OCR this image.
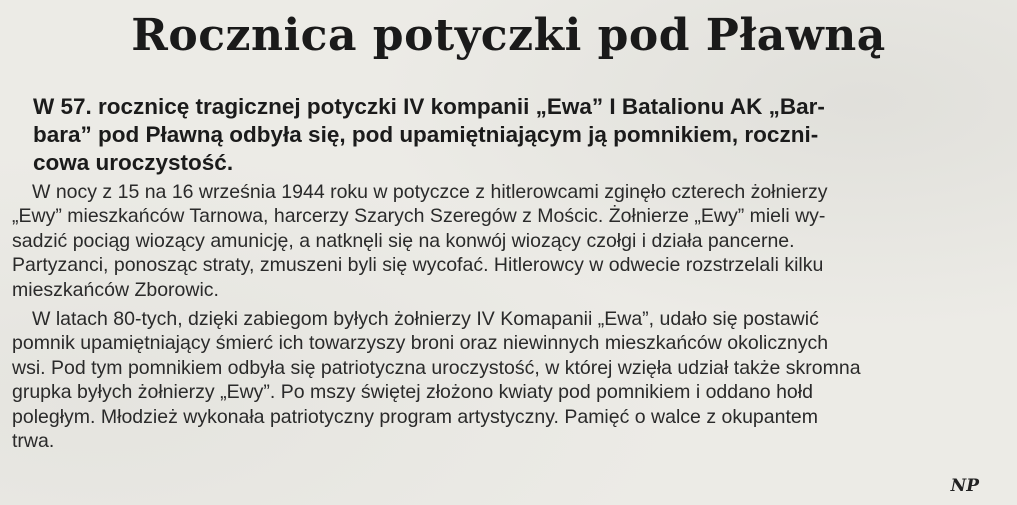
Rocznica potyczki pod Pławną

W 57. rocznicę tragicznej potyczki IV kompanii „Ewa” I Batalionu AK „Bar-
bara” pod Pławną odbyła się, pod upamiętniającym ją pomnikiem, roczni-
cowa uroczystość.

W nocy z 15 na 16 września 1944 roku w potyczce z hitlerowcami zginęło czterech żołnierzy
„Ewy” mieszkańców Tarnowa, harcerzy Szarych Szeregów z Mościc. Żołnierze „Ewy” mieli wy-
sadzić pociąg wiozący amunicję, a natknęli się na konwój wiozący czołgi i działa pancerne.
Partyzanci, ponosząc straty, zmuszeni byli się wycofać. Hitlerowcy w odwecie rozstrzelali kilku
mieszkańców Zborowic.
W latach 80-tych, dzięki zabiegom byłych żołnierzy IV Komapanii „Ewa”, udało się postawić
pomnik upamiętniający śmierć ich towarzyszy broni oraz niewinnych mieszkańców okolicznych
wsi. Pod tym pomnikiem odbyła się patriotyczna uroczystość, w której wzięła udział także skromna
grupka byłych żołnierzy „Ewy”. Po mszy świętej złożono kwiaty pod pomnikiem i oddano hołd
poległym. Młodzież wykonała patriotyczny program artystyczny. Pamięć o walce z okupantem
trwa.
NP
